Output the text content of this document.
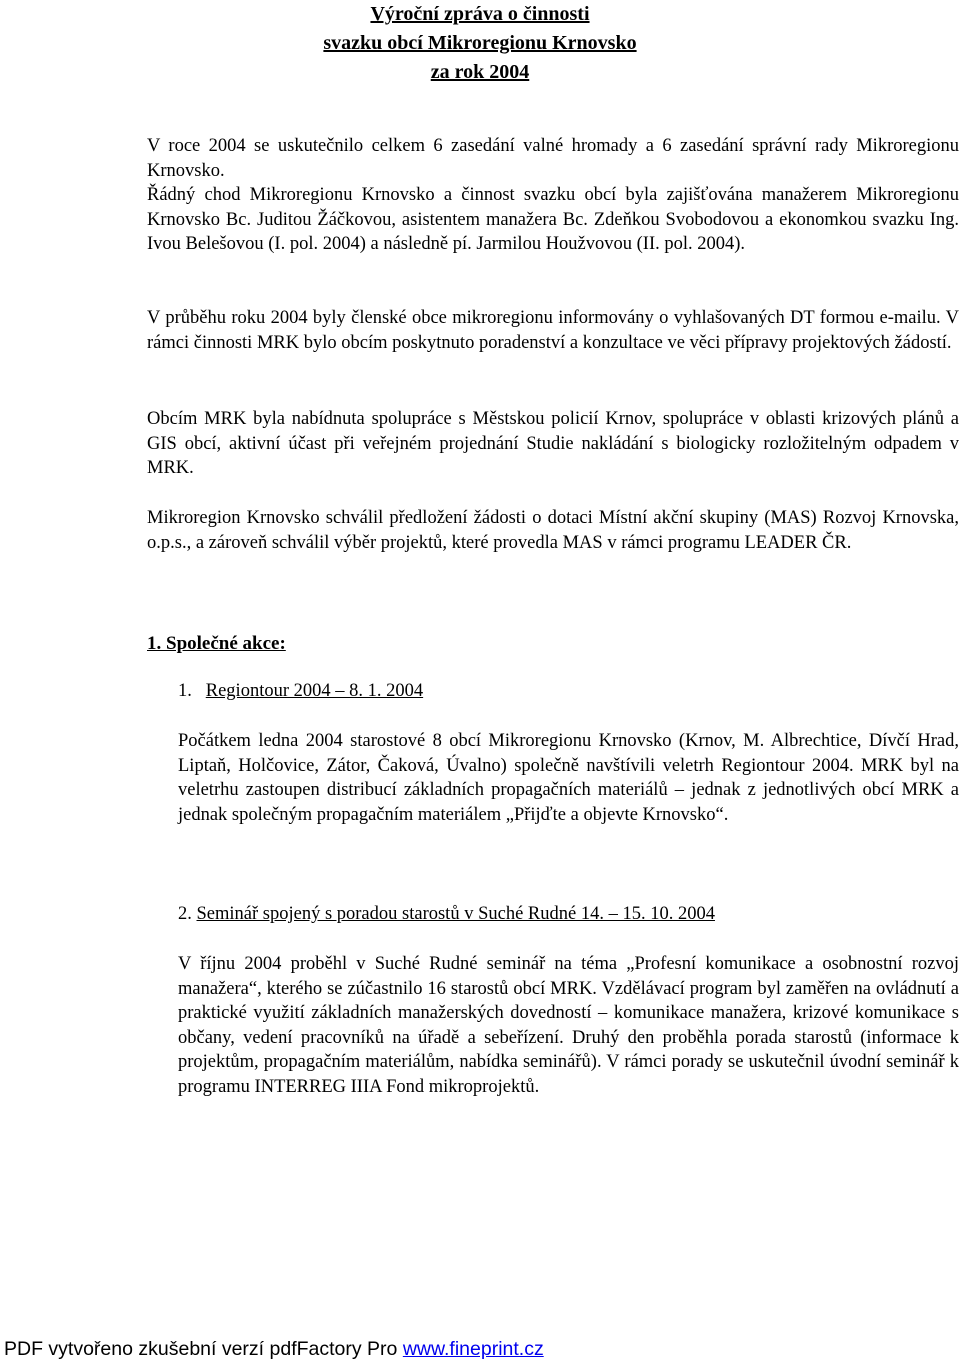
Výroční zpráva o činnosti
svazku obcí Mikroregionu Krnovsko
za rok 2004

V roce 2004 se uskutečnilo celkem 6 zasedání valné hromady a 6 zasedání správní rady Mikroregionu Krnovsko.

Řádný chod Mikroregionu Krnovsko a činnost svazku obcí byla zajišťována manažerem Mikroregionu Krnovsko Bc. Juditou Žáčkovou, asistentem manažera Bc. Zdeňkou Svobodovou a ekonomkou svazku Ing. Ivou Belešovou (I. pol. 2004) a následně pí. Jarmilou Houžvovou (II. pol. 2004).

V průběhu roku 2004 byly členské obce mikroregionu informovány o vyhlašovaných DT formou e-mailu. V rámci činnosti MRK bylo obcím poskytnuto poradenství a konzultace ve věci přípravy projektových žádostí.

Obcím MRK byla nabídnuta spolupráce s Městskou policií Krnov, spolupráce v oblasti krizových plánů a GIS obcí, aktivní účast při veřejném projednání Studie nakládání s biologicky rozložitelným odpadem v MRK.

Mikroregion Krnovsko schválil předložení žádosti o dotaci Místní akční skupiny (MAS) Rozvoj Krnovska, o.p.s., a zároveň schválil výběr projektů, které provedla MAS v rámci programu LEADER ČR.

1. Společné akce:
1. Regiontour 2004 – 8. 1. 2004

Počátkem ledna 2004 starostové 8 obcí Mikroregionu Krnovsko (Krnov, M. Albrechtice, Dívčí Hrad, Liptaň, Holčovice, Zátor, Čaková, Úvalno) společně navštívili veletrh Regiontour 2004. MRK byl na veletrhu zastoupen distribucí základních propagačních materiálů – jednak z jednotlivých obcí MRK a jednak společným propagačním materiálem „Přijďte a objevte Krnovsko“.

2. Seminář spojený s poradou starostů v Suché Rudné 14. – 15. 10. 2004

V říjnu 2004 proběhl v Suché Rudné seminář na téma „Profesní komunikace a osobnostní rozvoj manažera“, kterého se zúčastnilo 16 starostů obcí MRK. Vzdělávací program byl zaměřen na ovládnutí a praktické využití základních manažerských dovedností – komunikace manažera, krizové komunikace s občany, vedení pracovníků na úřadě a sebeřízení. Druhý den proběhla porada starostů (informace k projektům, propagačním materiálům, nabídka seminářů). V rámci porady se uskutečnil úvodní seminář k programu INTERREG IIIA Fond mikroprojektů.

PDF vytvořeno zkušební verzí pdfFactory Pro www.fineprint.cz
